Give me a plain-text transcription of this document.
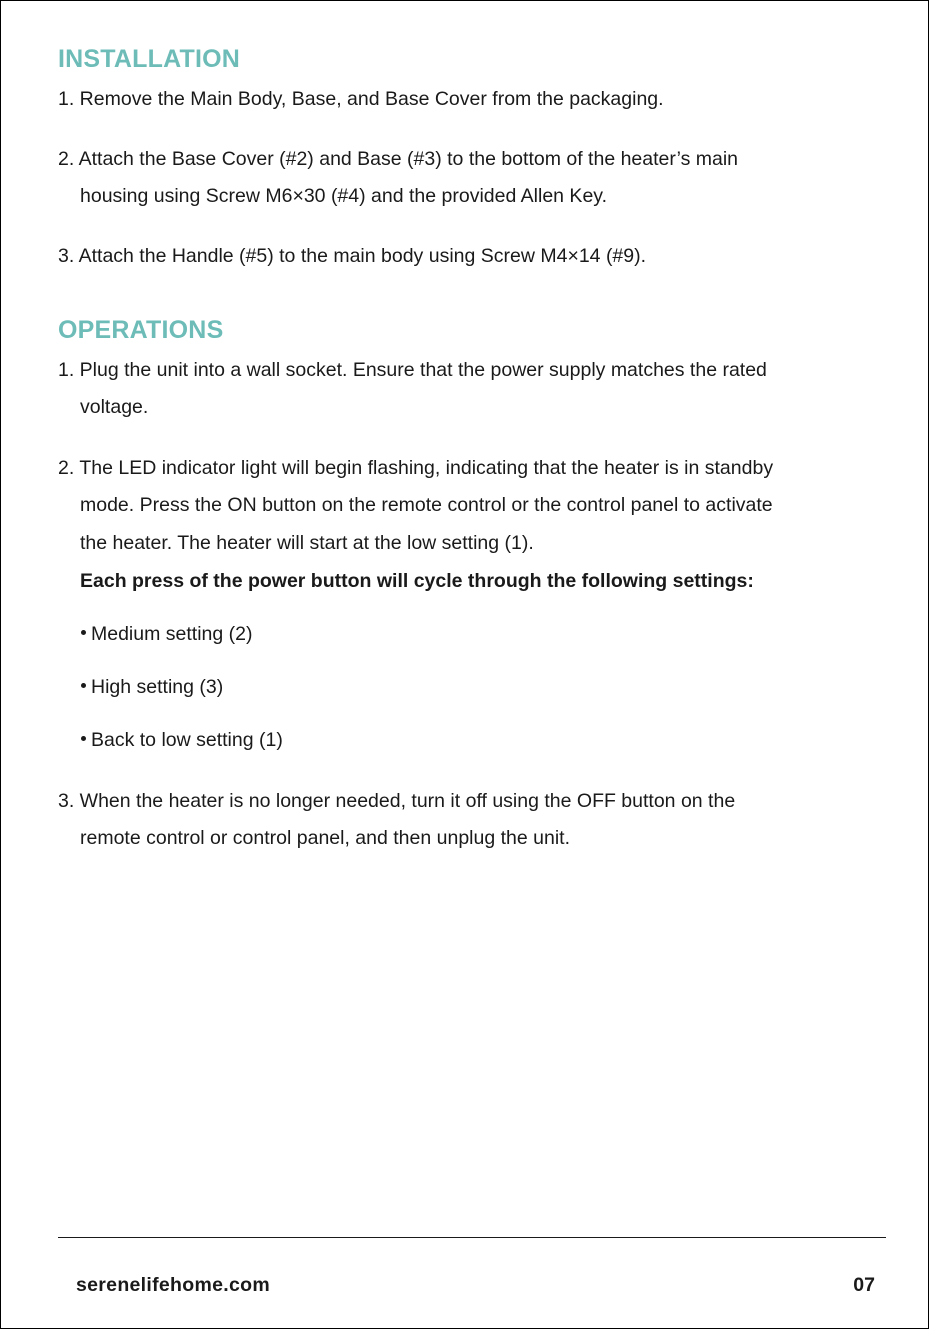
INSTALLATION

1. Remove the Main Body, Base, and Base Cover from the packaging.

2. Attach the Base Cover (#2) and Base (#3) to the bottom of the heater’s main

housing using Screw M6×30 (#4) and the provided Allen Key.

3. Attach the Handle (#5) to the main body using Screw M4×14 (#9).

OPERATIONS

1. Plug the unit into a wall socket. Ensure that the power supply matches the rated

voltage.

2. The LED indicator light will begin flashing, indicating that the heater is in standby

mode. Press the ON button on the remote control or the control panel to activate

the heater. The heater will start at the low setting (1).

Each press of the power button will cycle through the following settings:

Medium setting (2)

High setting (3)

Back to low setting (1)

3. When the heater is no longer needed, turn it off using the OFF button on the

remote control or control panel, and then unplug the unit.

serenelifehome.com	07
